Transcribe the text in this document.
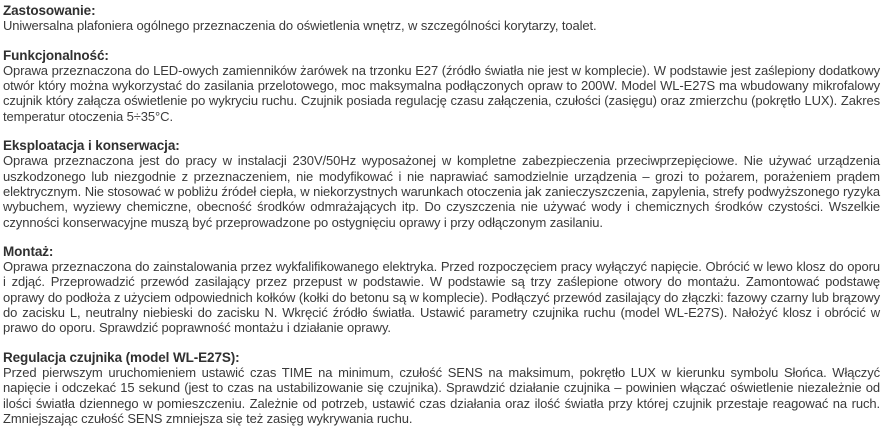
Zastosowanie:

Uniwersalna plafoniera ogólnego przeznaczenia do oświetlenia wnętrz, w szczególności korytarzy, toalet.

Funkcjonalność:

Oprawa przeznaczona do LED-owych zamienników żarówek na trzonku E27 (źródło światła nie jest w komplecie). W podstawie jest zaślepiony dodatkowy otwór który można wykorzystać do zasilania przelotowego, moc maksymalna podłączonych opraw to 200W. Model WL-E27S ma wbudowany mikrofalowy czujnik który załącza oświetlenie po wykryciu ruchu. Czujnik posiada regulację czasu załączenia, czułości (zasięgu) oraz zmierzchu (pokrętło LUX). Zakres temperatur otoczenia 5÷35°C.

Eksploatacja i konserwacja:

Oprawa przeznaczona jest do pracy w instalacji 230V/50Hz wyposażonej w kompletne zabezpieczenia przeciwprzepięciowe. Nie używać urządzenia uszkodzonego lub niezgodnie z przeznaczeniem, nie modyfikować i nie naprawiać samodzielnie urządzenia – grozi to pożarem, porażeniem prądem elektrycznym. Nie stosować w pobliżu źródeł ciepła, w niekorzystnych warunkach otoczenia jak zanieczyszczenia, zapylenia, strefy podwyższonego ryzyka wybuchem, wyziewy chemiczne, obecność środków odmrażających itp. Do czyszczenia nie używać wody i chemicznych środków czystości. Wszelkie czynności konserwacyjne muszą być przeprowadzone po ostygnięciu oprawy i przy odłączonym zasilaniu.

Montaż:

Oprawa przeznaczona do zainstalowania przez wykfalifikowanego elektryka. Przed rozpoczęciem pracy wyłączyć napięcie. Obrócić w lewo klosz do oporu i zdjąć. Przeprowadzić przewód zasilający przez przepust w podstawie. W podstawie są trzy zaślepione otwory do montażu. Zamontować podstawę oprawy do podłoża z użyciem odpowiednich kołków (kołki do betonu są w komplecie). Podłączyć przewód zasilający do złączki: fazowy czarny lub brązowy do zacisku L, neutralny niebieski do zacisku N. Wkręcić źródło światła. Ustawić parametry czujnika ruchu (model WL-E27S). Nałożyć klosz i obrócić w prawo do oporu. Sprawdzić poprawność montażu i działanie oprawy.

Regulacja czujnika (model WL-E27S):

Przed pierwszym uruchomieniem ustawić czas TIME na minimum, czułość SENS na maksimum, pokrętło LUX w kierunku symbolu Słońca. Włączyć napięcie i odczekać 15 sekund (jest to czas na ustabilizowanie się czujnika). Sprawdzić działanie czujnika – powinien włączać oświetlenie niezależnie od ilości światła dziennego w pomieszczeniu. Zależnie od potrzeb, ustawić czas działania oraz ilość światła przy której czujnik przestaje reagować na ruch. Zmniejszając czułość SENS zmniejsza się też zasięg wykrywania ruchu.
